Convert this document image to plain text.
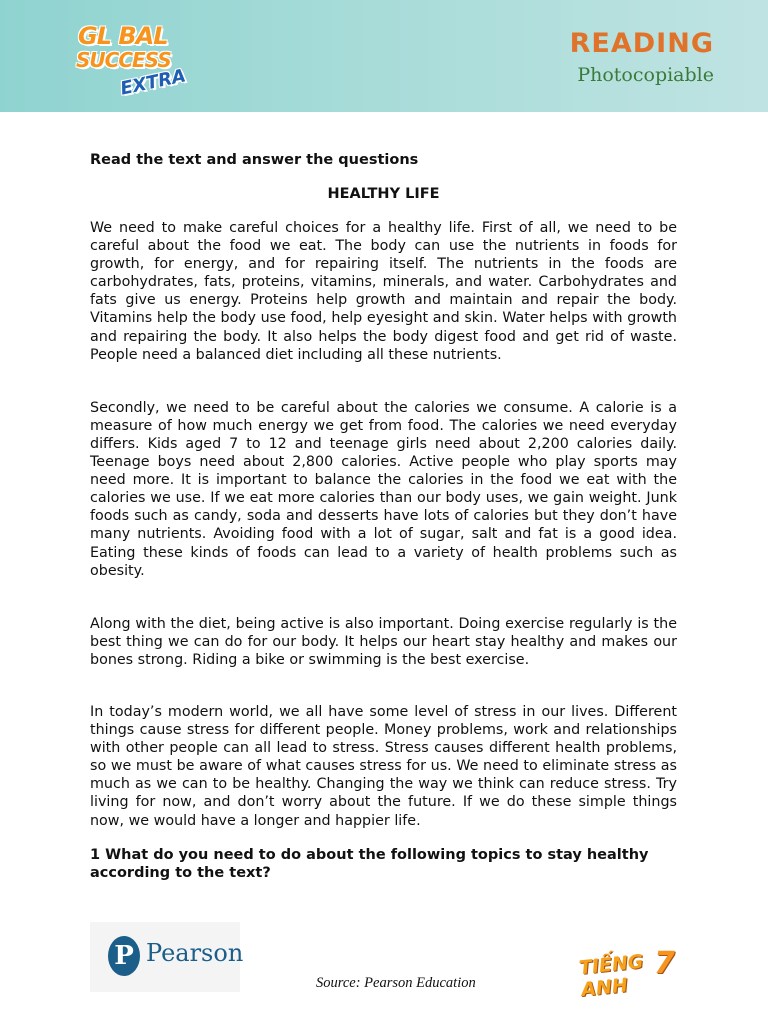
GL BAL
SUCCESS
EXTRA
READING
Photocopiable

Read the text and answer the questions

HEALTHY LIFE

We need to make careful choices for a healthy life. First of all, we need to be careful about the food we eat. The body can use the nutrients in foods for growth, for energy, and for repairing itself. The nutrients in the foods are carbohydrates, fats, proteins, vitamins, minerals, and water. Carbohydrates and fats give us energy. Proteins help growth and maintain and repair the body. Vitamins help the body use food, help eyesight and skin. Water helps with growth and repairing the body. It also helps the body digest food and get rid of waste. People need a balanced diet including all these nutrients.

Secondly, we need to be careful about the calories we consume. A calorie is a measure of how much energy we get from food. The calories we need everyday differs. Kids aged 7 to 12 and teenage girls need about 2,200 calories daily. Teenage boys need about 2,800 calories. Active people who play sports may need more. It is important to balance the calories in the food we eat with the calories we use. If we eat more calories than our body uses, we gain weight. Junk foods such as candy, soda and desserts have lots of calories but they don’t have many nutrients. Avoiding food with a lot of sugar, salt and fat is a good idea. Eating these kinds of foods can lead to a variety of health problems such as obesity.

Along with the diet, being active is also important. Doing exercise regularly is the best thing we can do for our body. It helps our heart stay healthy and makes our bones strong. Riding a bike or swimming is the best exercise.

In today’s modern world, we all have some level of stress in our lives. Different things cause stress for different people. Money problems, work and relationships with other people can all lead to stress. Stress causes different health problems, so we must be aware of what causes stress for us. We need to eliminate stress as much as we can to be healthy. Changing the way we think can reduce stress. Try living for now, and don’t worry about the future. If we do these simple things now, we would have a longer and happier life.

1 What do you need to do about the following topics to stay healthy according to the text?

P Pearson
Source: Pearson Education
TIẾNG ANH
7
